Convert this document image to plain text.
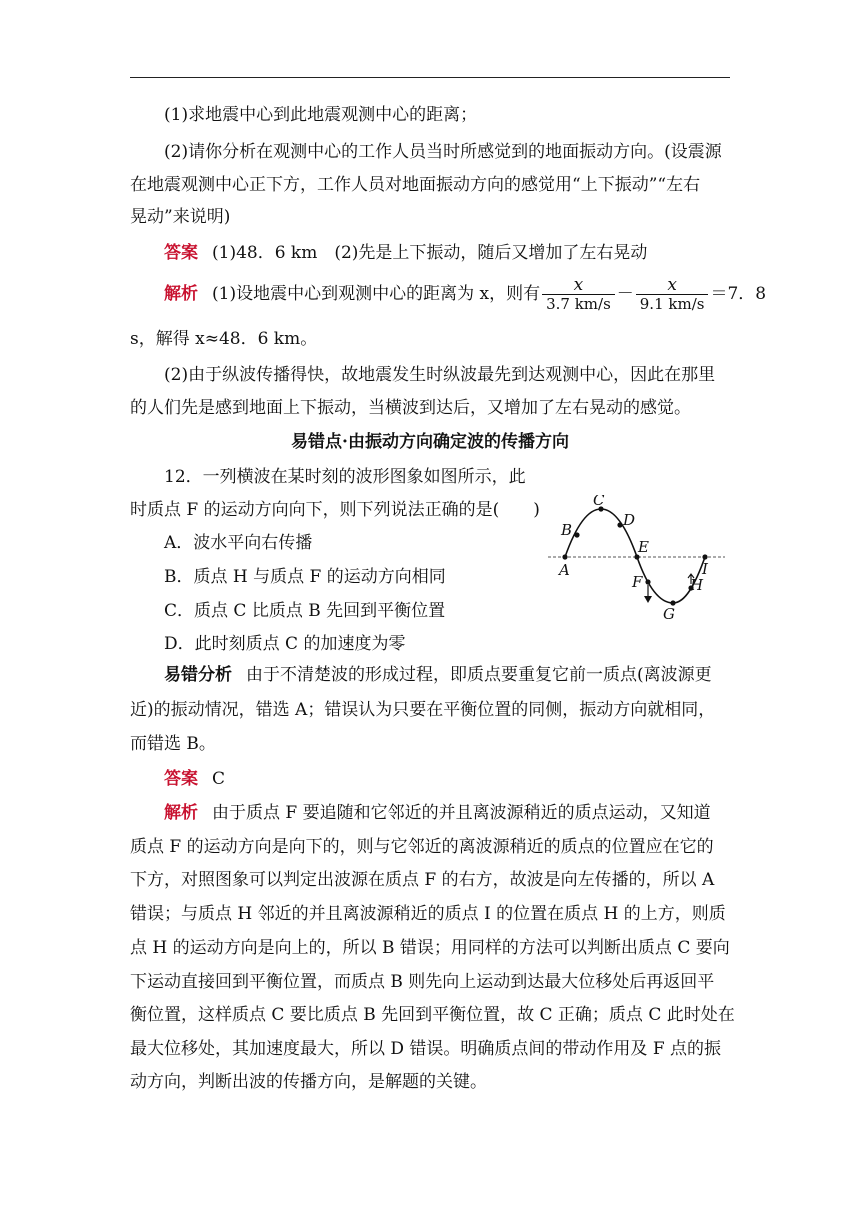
(1)求地震中心到此地震观测中心的距离；
(2)请你分析在观测中心的工作人员当时所感觉到的地面振动方向。(设震源
在地震观测中心正下方，工作人员对地面振动方向的感觉用“上下振动”“左右
晃动”来说明)
答案 (1)48．6 km　(2)先是上下振动，随后又增加了左右晃动
解析 (1)设地震中心到观测中心的距离为 x，则有 $\frac{x}{3.7 km/s} - \frac{x}{9.1 km/s} =7$．8
s，解得 x≈48．6 km。
(2)由于纵波传播得快，故地震发生时纵波最先到达观测中心，因此在那里
的人们先是感到地面上下振动，当横波到达后，又增加了左右晃动的感觉。
易错点·由振动方向确定波的传播方向
12．一列横波在某时刻的波形图象如图所示，此
时质点 F 的运动方向向下，则下列说法正确的是(　　)
A．波水平向右传播
B．质点 H 与质点 F 的运动方向相同
C．质点 C 比质点 B 先回到平衡位置
D．此时刻质点 C 的加速度为零
A
B
C
D
E
F
G
H
I
易错分析 由于不清楚波的形成过程，即质点要重复它前一质点(离波源更
近)的振动情况，错选 A；错误认为只要在平衡位置的同侧，振动方向就相同，
而错选 B。
答案 C
解析 由于质点 F 要追随和它邻近的并且离波源稍近的质点运动，又知道
质点 F 的运动方向是向下的，则与它邻近的离波源稍近的质点的位置应在它的
下方，对照图象可以判定出波源在质点 F 的右方，故波是向左传播的，所以 A
错误；与质点 H 邻近的并且离波源稍近的质点 I 的位置在质点 H 的上方，则质
点 H 的运动方向是向上的，所以 B 错误；用同样的方法可以判断出质点 C 要向
下运动直接回到平衡位置，而质点 B 则先向上运动到达最大位移处后再返回平
衡位置，这样质点 C 要比质点 B 先回到平衡位置，故 C 正确；质点 C 此时处在
最大位移处，其加速度最大，所以 D 错误。明确质点间的带动作用及 F 点的振
动方向，判断出波的传播方向，是解题的关键。
